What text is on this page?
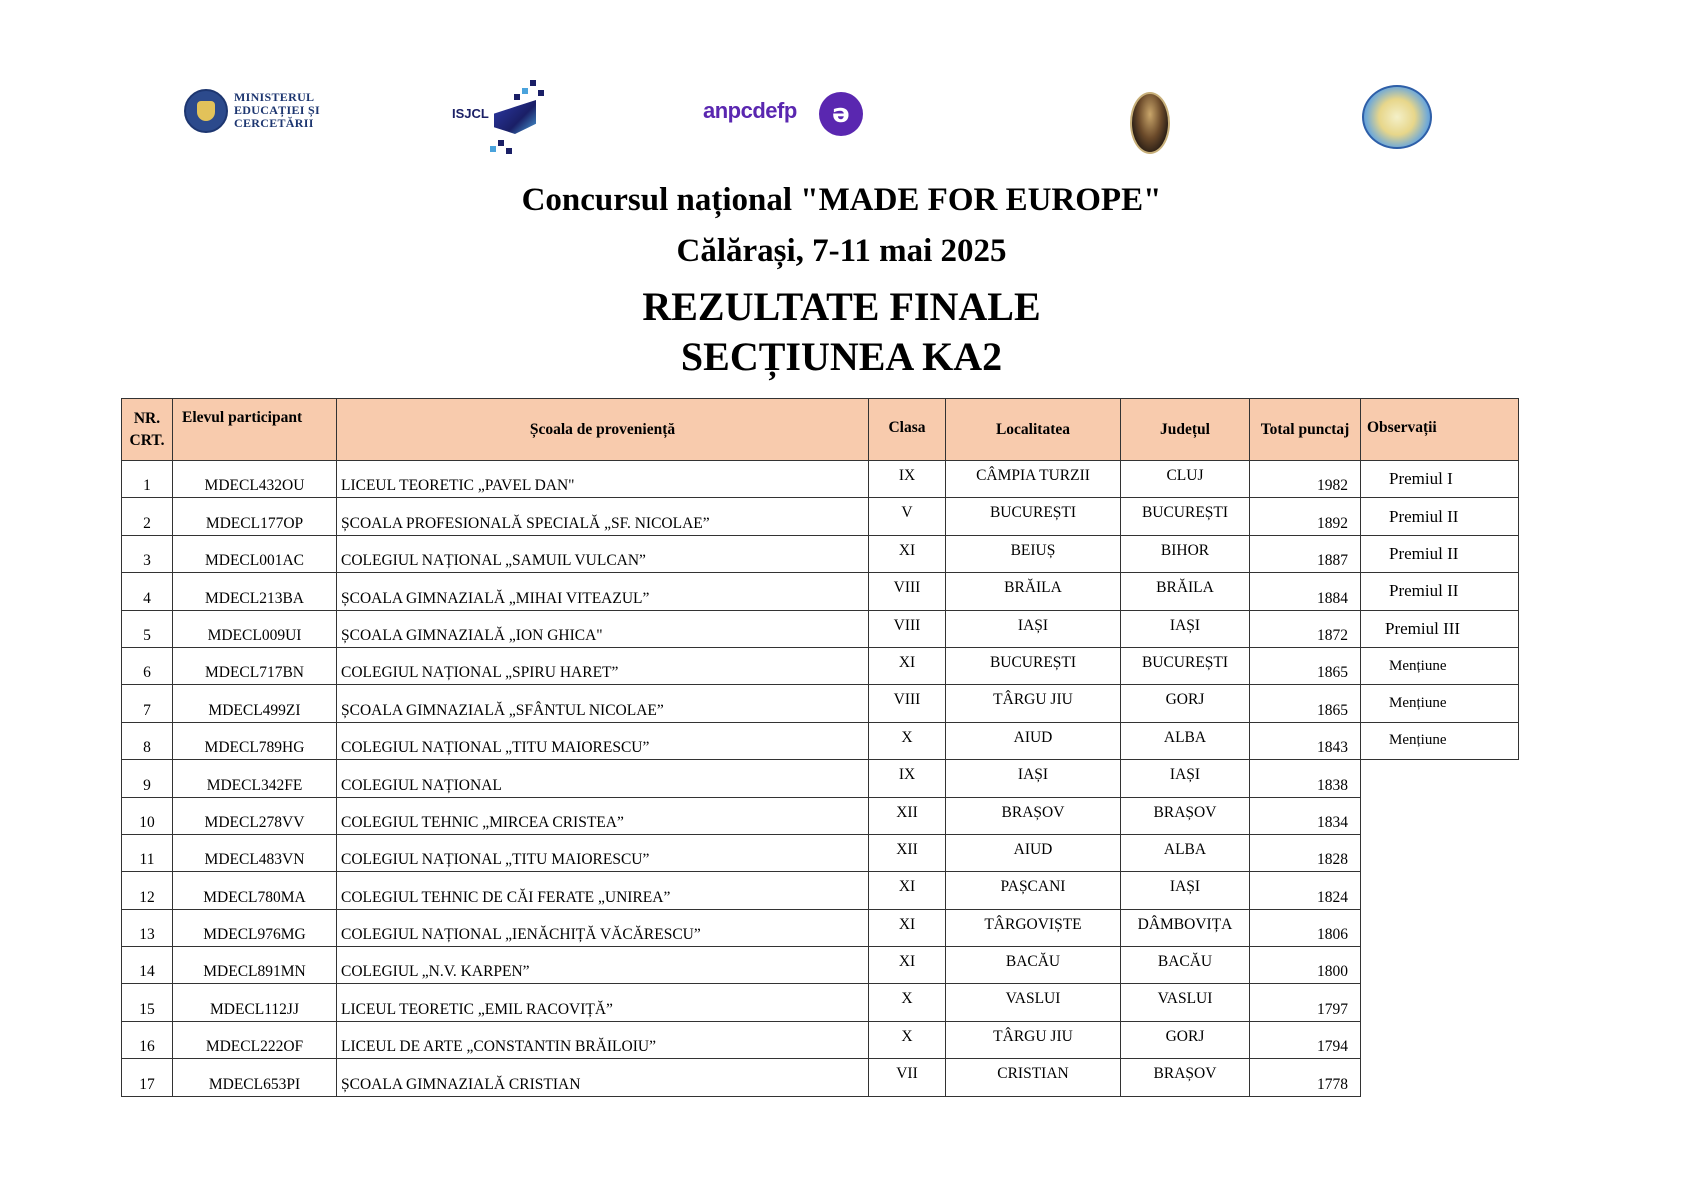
MINISTERUL
EDUCAȚIEI ȘI
CERCETĂRII
ISJCL	anpcdefp	ə
Concursul național "MADE FOR EUROPE"
Călărași, 7-11 mai 2025
REZULTATE FINALE
SECȚIUNEA KA2
NR. CRT.	Elevul participant	Școala de proveniență	Clasa	Localitatea	Județul	Total punctaj	Observații
1	MDECL432OU	LICEUL TEORETIC „PAVEL DAN"	IX	CÂMPIA TURZII	CLUJ	1982	Premiul I
2	MDECL177OP	ȘCOALA PROFESIONALĂ SPECIALĂ „SF. NICOLAE”	V	BUCUREȘTI	BUCUREȘTI	1892	Premiul II
3	MDECL001AC	COLEGIUL NAȚIONAL „SAMUIL VULCAN”	XI	BEIUȘ	BIHOR	1887	Premiul II
4	MDECL213BA	ȘCOALA GIMNAZIALĂ „MIHAI VITEAZUL”	VIII	BRĂILA	BRĂILA	1884	Premiul II
5	MDECL009UI	ȘCOALA GIMNAZIALĂ „ION GHICA"	VIII	IAȘI	IAȘI	1872	Premiul III
6	MDECL717BN	COLEGIUL NAȚIONAL „SPIRU HARET”	XI	BUCUREȘTI	BUCUREȘTI	1865	Mențiune
7	MDECL499ZI	ȘCOALA GIMNAZIALĂ „SFÂNTUL NICOLAE”	VIII	TÂRGU JIU	GORJ	1865	Mențiune
8	MDECL789HG	COLEGIUL NAȚIONAL „TITU MAIORESCU”	X	AIUD	ALBA	1843	Mențiune
9	MDECL342FE	COLEGIUL NAȚIONAL	IX	IAȘI	IAȘI	1838	
10	MDECL278VV	COLEGIUL TEHNIC „MIRCEA CRISTEA”	XII	BRAȘOV	BRAȘOV	1834	
11	MDECL483VN	COLEGIUL NAȚIONAL „TITU MAIORESCU”	XII	AIUD	ALBA	1828	
12	MDECL780MA	COLEGIUL TEHNIC DE CĂI FERATE „UNIREA”	XI	PAȘCANI	IAȘI	1824	
13	MDECL976MG	COLEGIUL NAȚIONAL „IENĂCHIȚĂ VĂCĂRESCU”	XI	TÂRGOVIȘTE	DÂMBOVIȚA	1806	
14	MDECL891MN	COLEGIUL „N.V. KARPEN”	XI	BACĂU	BACĂU	1800	
15	MDECL112JJ	LICEUL TEORETIC „EMIL RACOVIȚĂ”	X	VASLUI	VASLUI	1797	
16	MDECL222OF	LICEUL DE ARTE „CONSTANTIN BRĂILOIU”	X	TÂRGU JIU	GORJ	1794	
17	MDECL653PI	ȘCOALA GIMNAZIALĂ CRISTIAN	VII	CRISTIAN	BRAȘOV	1778	
